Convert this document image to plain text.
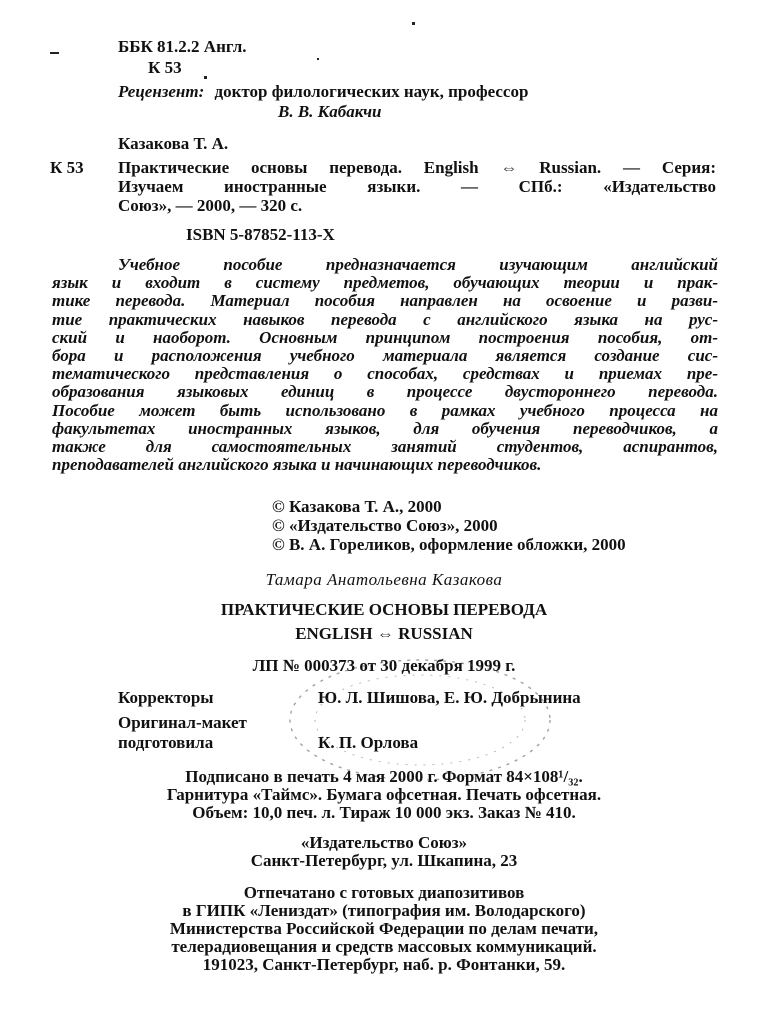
ББК 81.2.2 Англ.
К 53
Рецензент: доктор филологических наук, профессор
В. В. Кабакчи
Казакова Т. А.
К 53 Практические основы перевода. English ⇔ Russian. — Серия:
Изучаем иностранные языки. — СПб.: «Издательство
Союз», — 2000, — 320 с.
ISBN 5-87852-113-X
Учебное пособие предназначается изучающим английский
язык и входит в систему предметов, обучающих теории и прак-
тике перевода. Материал пособия направлен на освоение и разви-
тие практических навыков перевода с английского языка на рус-
ский и наоборот. Основным принципом построения пособия, от-
бора и расположения учебного материала является создание сис-
тематического представления о способах, средствах и приемах пре-
образования языковых единиц в процессе двустороннего перевода.
Пособие может быть использовано в рамках учебного процесса на
факультетах иностранных языков, для обучения переводчиков, а
также для самостоятельных занятий студентов, аспирантов,
преподавателей английского языка и начинающих переводчиков.
© Казакова Т. А., 2000
© «Издательство Союз», 2000
© В. А. Гореликов, оформление обложки, 2000
Тамара Анатольевна Казакова
ПРАКТИЧЕСКИЕ ОСНОВЫ ПЕРЕВОДА
ENGLISH ⇔ RUSSIAN
ЛП № 000373 от 30 декабря 1999 г.
Корректоры	Ю. Л. Шишова, Е. Ю. Добрынина
Оригинал-макет
подготовила	К. П. Орлова
Подписано в печать 4 мая 2000 г. Формат 84×108¹/₃₂.
Гарнитура «Таймс». Бумага офсетная. Печать офсетная.
Объем: 10,0 печ. л. Тираж 10 000 экз. Заказ № 410.
«Издательство Союз»
Санкт-Петербург, ул. Шкапина, 23
Отпечатано с готовых диапозитивов
в ГИПК «Лениздат» (типография им. Володарского)
Министерства Российской Федерации по делам печати,
телерадиовещания и средств массовых коммуникаций.
191023, Санкт-Петербург, наб. р. Фонтанки, 59.
